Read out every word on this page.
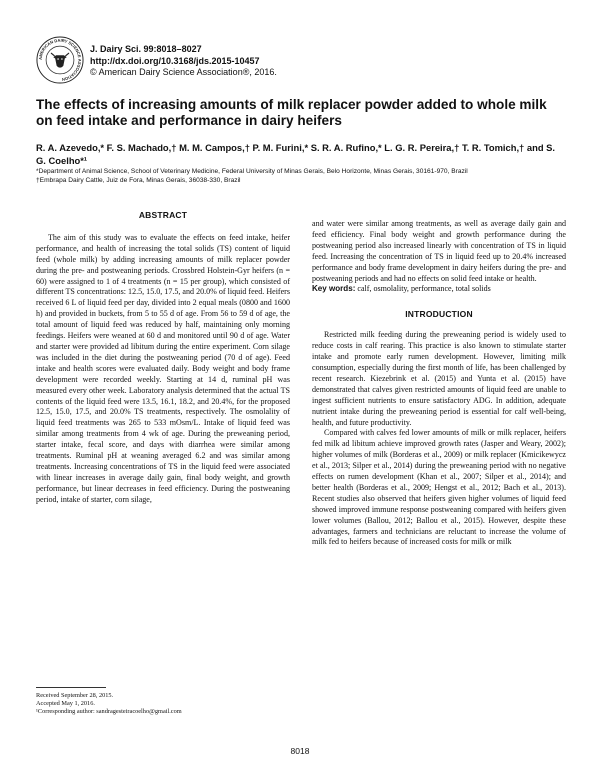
AMERICAN DAIRY SCIENCE ASSOCIATION
J. Dairy Sci. 99:8018–8027
http://dx.doi.org/10.3168/jds.2015-10457
© American Dairy Science Association®, 2016.
The effects of increasing amounts of milk replacer powder added to whole milk on feed intake and performance in dairy heifers
R. A. Azevedo,* F. S. Machado,† M. M. Campos,† P. M. Furini,* S. R. A. Rufino,* L. G. R. Pereira,† T. R. Tomich,† and S. G. Coelho*¹
*Department of Animal Science, School of Veterinary Medicine, Federal University of Minas Gerais, Belo Horizonte, Minas Gerais, 30161-970, Brazil
†Embrapa Dairy Cattle, Juiz de Fora, Minas Gerais, 36038-330, Brazil
ABSTRACT

The aim of this study was to evaluate the effects on feed intake, heifer performance, and health of increasing the total solids (TS) content of liquid feed (whole milk) by adding increasing amounts of milk replacer powder during the pre- and postweaning periods. Crossbred Holstein-Gyr heifers (n = 60) were assigned to 1 of 4 treatments (n = 15 per group), which consisted of different TS concentrations: 12.5, 15.0, 17.5, and 20.0% of liquid feed. Heifers received 6 L of liquid feed per day, divided into 2 equal meals (0800 and 1600 h) and provided in buckets, from 5 to 55 d of age. From 56 to 59 d of age, the total amount of liquid feed was reduced by half, maintaining only morning feedings. Heifers were weaned at 60 d and monitored until 90 d of age. Water and starter were provided ad libitum during the entire experiment. Corn silage was included in the diet during the postweaning period (70 d of age). Feed intake and health scores were evaluated daily. Body weight and body frame development were recorded weekly. Starting at 14 d, ruminal pH was measured every other week. Laboratory analysis determined that the actual TS contents of the liquid feed were 13.5, 16.1, 18.2, and 20.4%, for the proposed 12.5, 15.0, 17.5, and 20.0% TS treatments, respectively. The osmolality of liquid feed treatments was 265 to 533 mOsm/L. Intake of liquid feed was similar among treatments from 4 wk of age. During the preweaning period, starter intake, fecal score, and days with diarrhea were similar among treatments. Ruminal pH at weaning averaged 6.2 and was similar among treatments. Increasing concentrations of TS in the liquid feed were associated with linear increases in average daily gain, final body weight, and growth performance, but linear decreases in feed efficiency. During the postweaning period, intake of starter, corn silage,

and water were similar among treatments, as well as average daily gain and feed efficiency. Final body weight and growth performance during the postweaning period also increased linearly with concentration of TS in liquid feed. Increasing the concentration of TS in liquid feed up to 20.4% increased performance and body frame development in dairy heifers during the pre- and postweaning periods and had no effects on solid feed intake or health.

Key words: calf, osmolality, performance, total solids

INTRODUCTION

Restricted milk feeding during the preweaning period is widely used to reduce costs in calf rearing. This practice is also known to stimulate starter intake and promote early rumen development. However, limiting milk consumption, especially during the first month of life, has been challenged by recent research. Kiezebrink et al. (2015) and Yunta et al. (2015) have demonstrated that calves given restricted amounts of liquid feed are unable to ingest sufficient nutrients to ensure satisfactory ADG. In addition, adequate nutrient intake during the preweaning period is essential for calf well-being, health, and future productivity.

Compared with calves fed lower amounts of milk or milk replacer, heifers fed milk ad libitum achieve improved growth rates (Jasper and Weary, 2002); higher volumes of milk (Borderas et al., 2009) or milk replacer (Kmicikewycz et al., 2013; Silper et al., 2014) during the preweaning period with no negative effects on rumen development (Khan et al., 2007; Silper et al., 2014); and better health (Borderas et al., 2009; Hengst et al., 2012; Bach et al., 2013). Recent studies also observed that heifers given higher volumes of liquid feed showed improved immune response postweaning compared with heifers given lower volumes (Ballou, 2012; Ballou et al., 2015). However, despite these advantages, farmers and technicians are reluctant to increase the volume of milk fed to heifers because of increased costs for milk or milk

Received September 28, 2015.
Accepted May 1, 2016.
¹Corresponding author: sandragesteiracoelho@gmail.com
8018
